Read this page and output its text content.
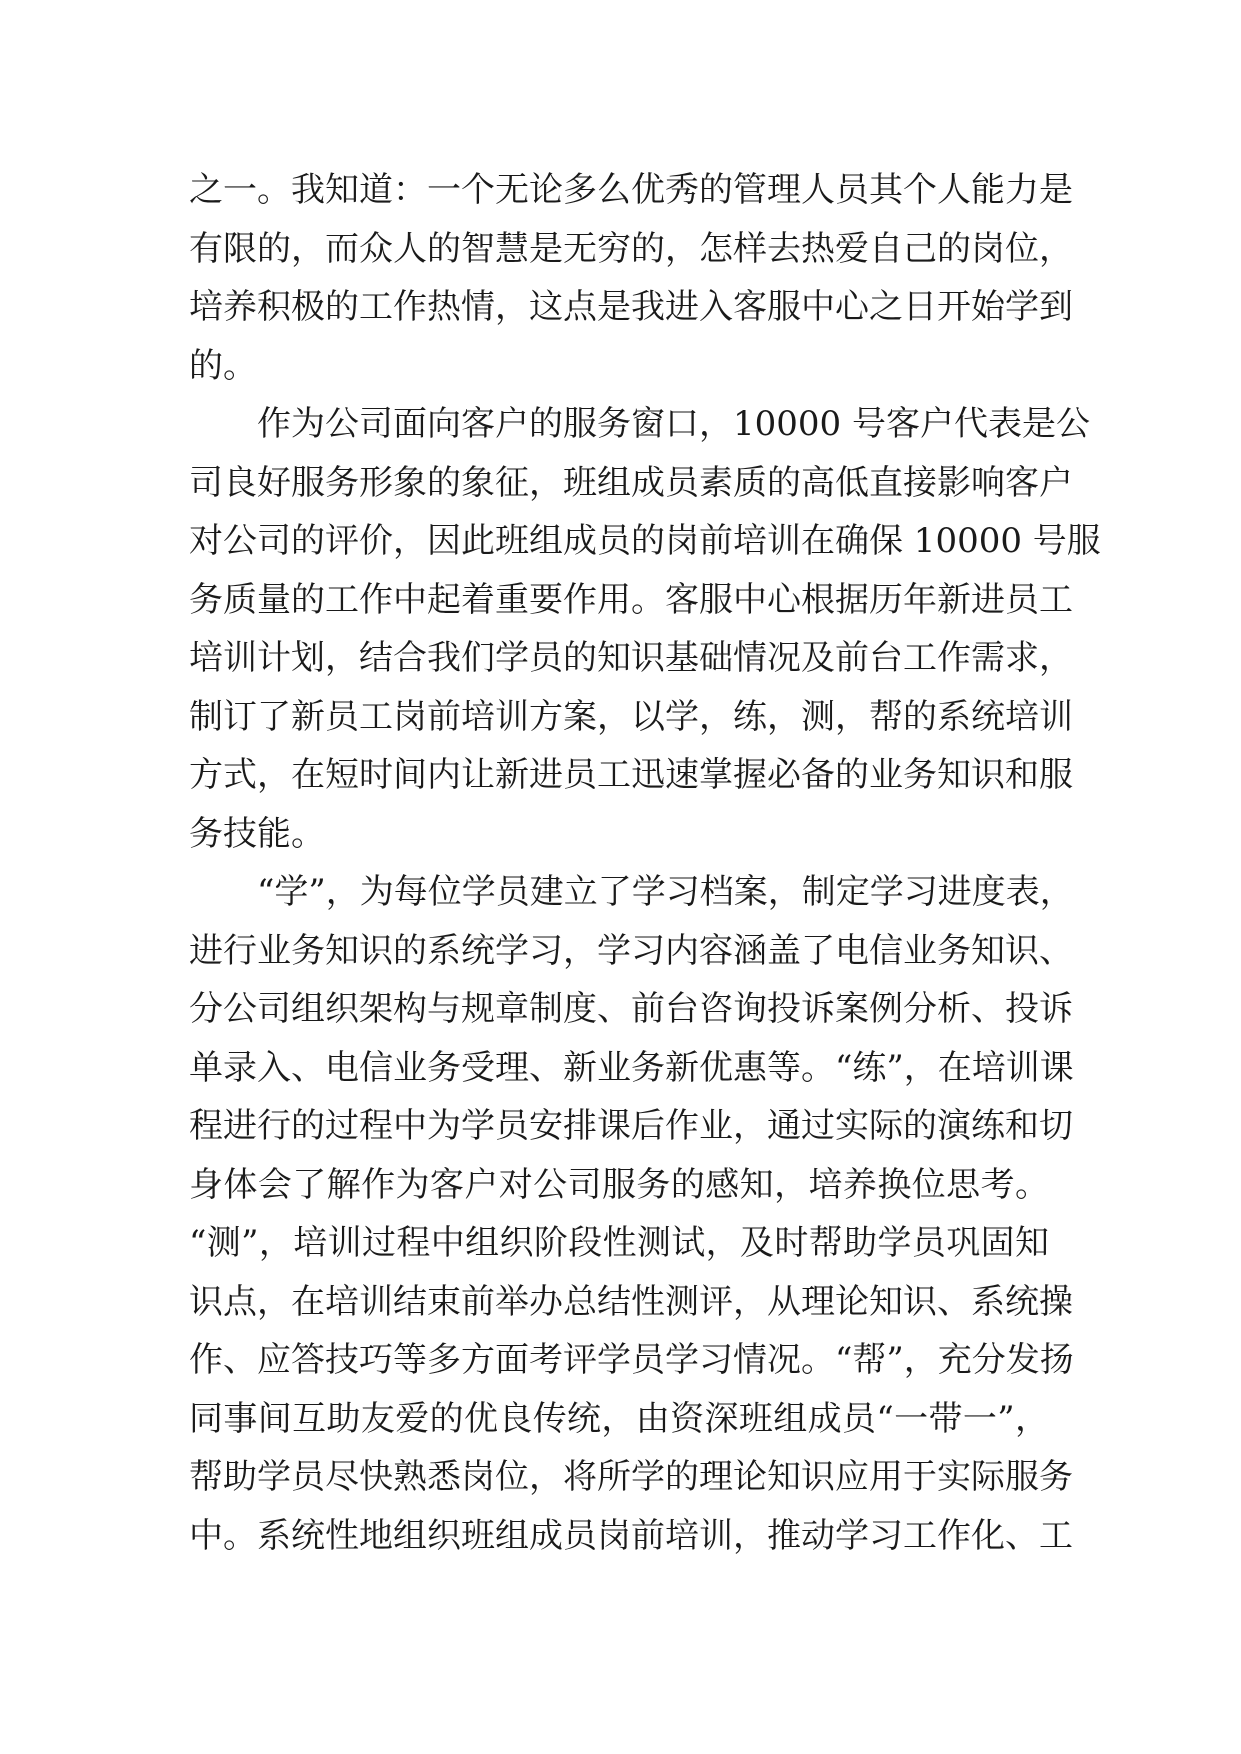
之一。我知道：一个无论多么优秀的管理人员其个人能力是
有限的，而众人的智慧是无穷的，怎样去热爱自己的岗位，
培养积极的工作热情，这点是我进入客服中心之日开始学到
的。
作为公司面向客户的服务窗口，10000 号客户代表是公
司良好服务形象的象征，班组成员素质的高低直接影响客户
对公司的评价，因此班组成员的岗前培训在确保 10000 号服
务质量的工作中起着重要作用。客服中心根据历年新进员工
培训计划，结合我们学员的知识基础情况及前台工作需求，
制订了新员工岗前培训方案，以学，练，测，帮的系统培训
方式，在短时间内让新进员工迅速掌握必备的业务知识和服
务技能。
“学”，为每位学员建立了学习档案，制定学习进度表，
进行业务知识的系统学习，学习内容涵盖了电信业务知识、
分公司组织架构与规章制度、前台咨询投诉案例分析、投诉
单录入、电信业务受理、新业务新优惠等。“练”，在培训课
程进行的过程中为学员安排课后作业，通过实际的演练和切
身体会了解作为客户对公司服务的感知，培养换位思考。
“测”，培训过程中组织阶段性测试，及时帮助学员巩固知
识点，在培训结束前举办总结性测评，从理论知识、系统操
作、应答技巧等多方面考评学员学习情况。“帮”，充分发扬
同事间互助友爱的优良传统，由资深班组成员“一带一”，
帮助学员尽快熟悉岗位，将所学的理论知识应用于实际服务
中。系统性地组织班组成员岗前培训，推动学习工作化、工
